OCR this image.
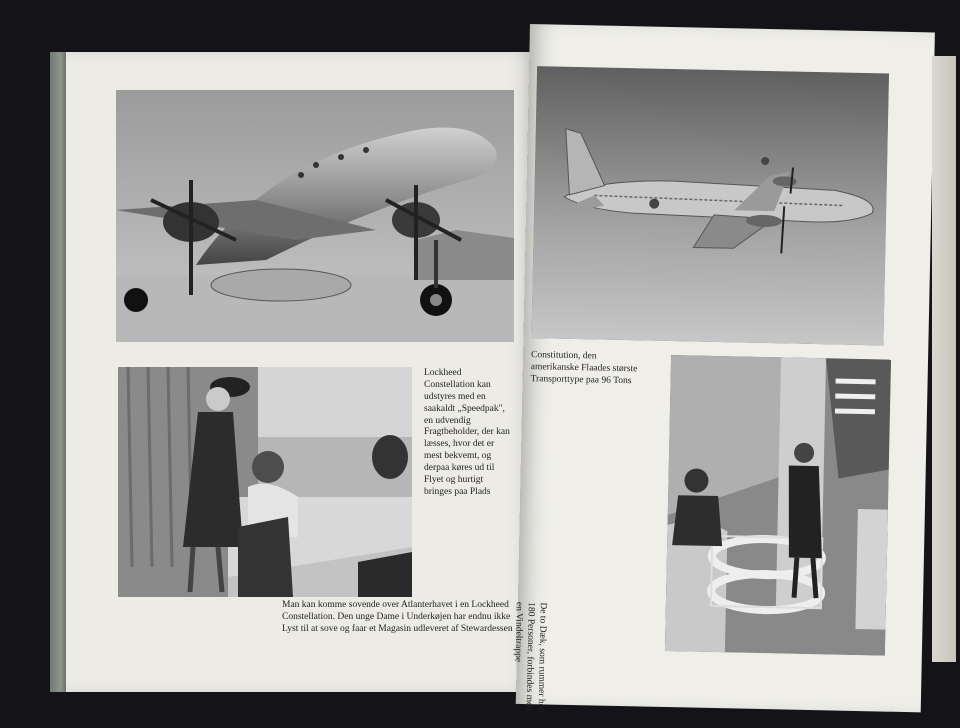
Lockheed Constellation kan udstyres med en saakaldt „Speedpak", en udvendig Fragtbeholder, der kan læsses, hvor det er mest bekvemt, og derpaa køres ud til Flyet og hurtigt bringes paa Plads

Man kan komme sovende over Atlanterhavet i en Lockheed Constellation. Den unge Dame i Underkøjen har endnu ikke Lyst til at sove og faar et Magasin udleveret af Stewardessen

Constitution, den amerikanske Flaades største Transporttype paa 96 Tons

De to Dæk, som rummer helt 180 Personer, forbindes med en Vindeltrappe
